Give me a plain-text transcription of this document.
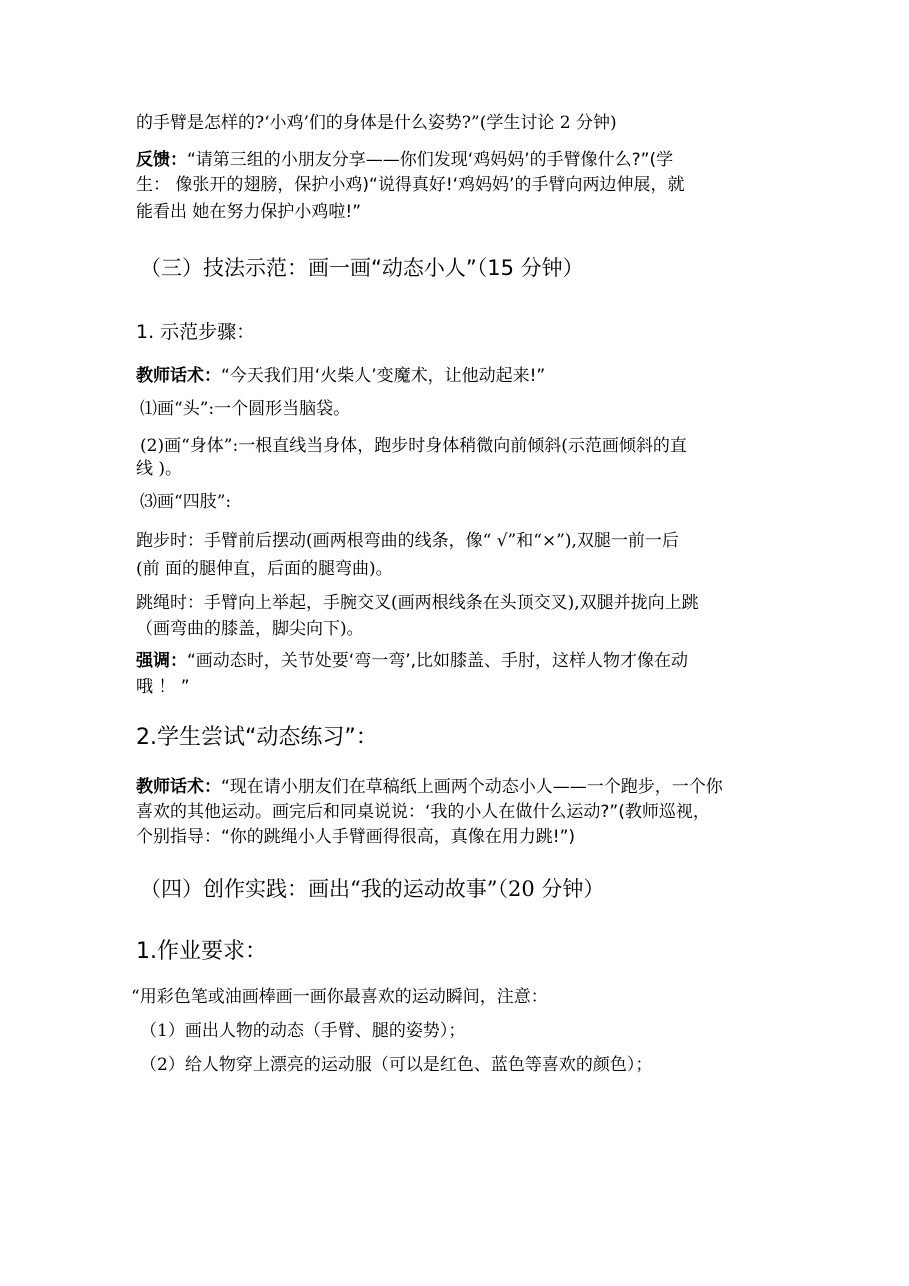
的手臂是怎样的?‘小鸡’们的身体是什么姿势?”(学生讨论 2 分钟)
反馈：“请第三组的小朋友分享——你们发现‘鸡妈妈’的手臂像什么?”(学
生： 像张开的翅膀，保护小鸡)“说得真好!‘鸡妈妈’的手臂向两边伸展，就
能看出 她在努力保护小鸡啦!”
（三）技法示范：画一画“动态小人”（15 分钟）
1. 示范步骤：
教师话术：“今天我们用‘火柴人’变魔术，让他动起来!”
⑴画“头”:一个圆形当脑袋。
(2)画“身体”:一根直线当身体，跑步时身体稍微向前倾斜(示范画倾斜的直
线 )。
⑶画“四肢”:
跑步时：手臂前后摆动(画两根弯曲的线条，像“ √”和“×”),双腿一前一后
(前 面的腿伸直，后面的腿弯曲)。
跳绳时：手臂向上举起，手腕交叉(画两根线条在头顶交叉),双腿并拢向上跳
（画弯曲的膝盖，脚尖向下)。
强调：“画动态时，关节处要‘弯一弯’,比如膝盖、手肘，这样人物才像在动
哦 ！ ”
2.学生尝试“动态练习”：
教师话术：“现在请小朋友们在草稿纸上画两个动态小人——一个跑步，一个你
喜欢的其他运动。画完后和同桌说说：‘我的小人在做什么运动?”(教师巡视，
个别指导：“你的跳绳小人手臂画得很高，真像在用力跳!”)
（四）创作实践：画出“我的运动故事”（20 分钟）
1.作业要求：
“用彩色笔或油画棒画一画你最喜欢的运动瞬间，注意：
（1）画出人物的动态（手臂、腿的姿势）；
（2）给人物穿上漂亮的运动服（可以是红色、蓝色等喜欢的颜色）；
